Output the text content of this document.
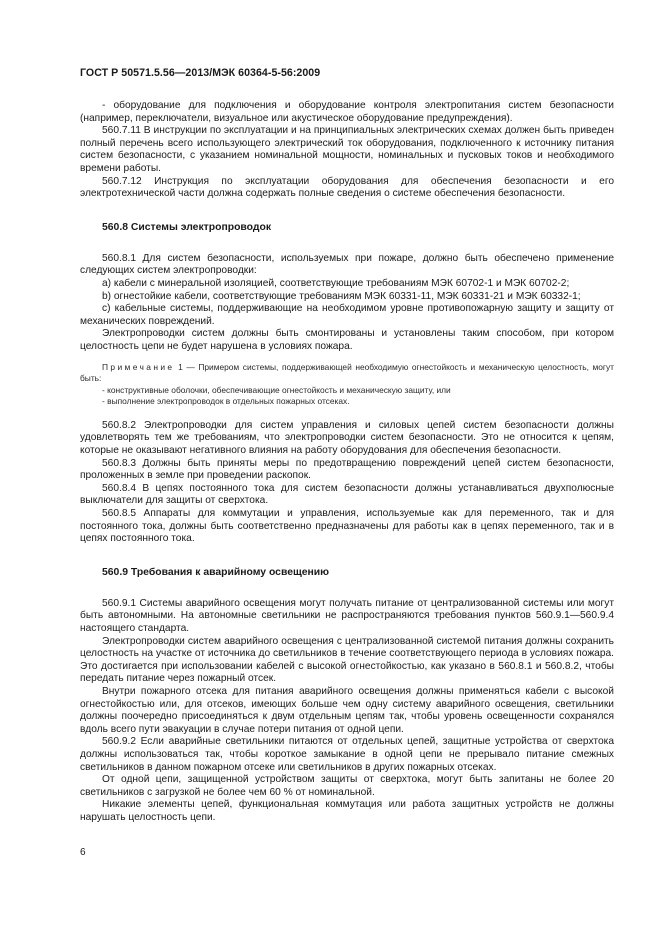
ГОСТ Р 50571.5.56—2013/МЭК 60364-5-56:2009

- оборудование для подключения и оборудование контроля электропитания систем безопасности (например, переключатели, визуальное или акустическое оборудование предупреждения).

560.7.11 В инструкции по эксплуатации и на принципиальных электрических схемах должен быть приведен полный перечень всего использующего электрический ток оборудования, подключенного к источнику питания систем безопасности, с указанием номинальной мощности, номинальных и пусковых токов и необходимого времени работы.

560.7.12 Инструкция по эксплуатации оборудования для обеспечения безопасности и его электротехнической части должна содержать полные сведения о системе обеспечения безопасности.

560.8 Системы электропроводок

560.8.1 Для систем безопасности, используемых при пожаре, должно быть обеспечено применение следующих систем электропроводки:

a) кабели с минеральной изоляцией, соответствующие требованиям МЭК 60702-1 и МЭК 60702-2;

b) огнестойкие кабели, соответствующие требованиям МЭК 60331-11, МЭК 60331-21 и МЭК 60332-1;

c) кабельные системы, поддерживающие на необходимом уровне противопожарную защиту и защиту от механических повреждений.

Электропроводки систем должны быть смонтированы и установлены таким способом, при котором целостность цепи не будет нарушена в условиях пожара.

Примечание 1 — Примером системы, поддерживающей необходимую огнестойкость и механическую целостность, могут быть:

- конструктивные оболочки, обеспечивающие огнестойкость и механическую защиту, или

- выполнение электропроводок в отдельных пожарных отсеках.

560.8.2 Электропроводки для систем управления и силовых цепей систем безопасности должны удовлетворять тем же требованиям, что электропроводки систем безопасности. Это не относится к цепям, которые не оказывают негативного влияния на работу оборудования для обеспечения безопасности.

560.8.3 Должны быть приняты меры по предотвращению повреждений цепей систем безопасности, проложенных в земле при проведении раскопок.

560.8.4 В цепях постоянного тока для систем безопасности должны устанавливаться двухполюсные выключатели для защиты от сверхтока.

560.8.5 Аппараты для коммутации и управления, используемые как для переменного, так и для постоянного тока, должны быть соответственно предназначены для работы как в цепях переменного, так и в цепях постоянного тока.

560.9 Требования к аварийному освещению

560.9.1 Системы аварийного освещения могут получать питание от централизованной системы или могут быть автономными. На автономные светильники не распространяются требования пунктов 560.9.1—560.9.4 настоящего стандарта.

Электропроводки систем аварийного освещения с централизованной системой питания должны сохранить целостность на участке от источника до светильников в течение соответствующего периода в условиях пожара. Это достигается при использовании кабелей с высокой огнестойкостью, как указано в 560.8.1 и 560.8.2, чтобы передать питание через пожарный отсек.

Внутри пожарного отсека для питания аварийного освещения должны применяться кабели с высокой огнестойкостью или, для отсеков, имеющих больше чем одну систему аварийного освещения, светильники должны поочередно присоединяться к двум отдельным цепям так, чтобы уровень освещенности сохранялся вдоль всего пути эвакуации в случае потери питания от одной цепи.

560.9.2 Если аварийные светильники питаются от отдельных цепей, защитные устройства от сверхтока должны использоваться так, чтобы короткое замыкание в одной цепи не прерывало питание смежных светильников в данном пожарном отсеке или светильников в других пожарных отсеках.

От одной цепи, защищенной устройством защиты от сверхтока, могут быть запитаны не более 20 светильников с загрузкой не более чем 60 % от номинальной.

Никакие элементы цепей, функциональная коммутация или работа защитных устройств не должны нарушать целостность цепи.

6
